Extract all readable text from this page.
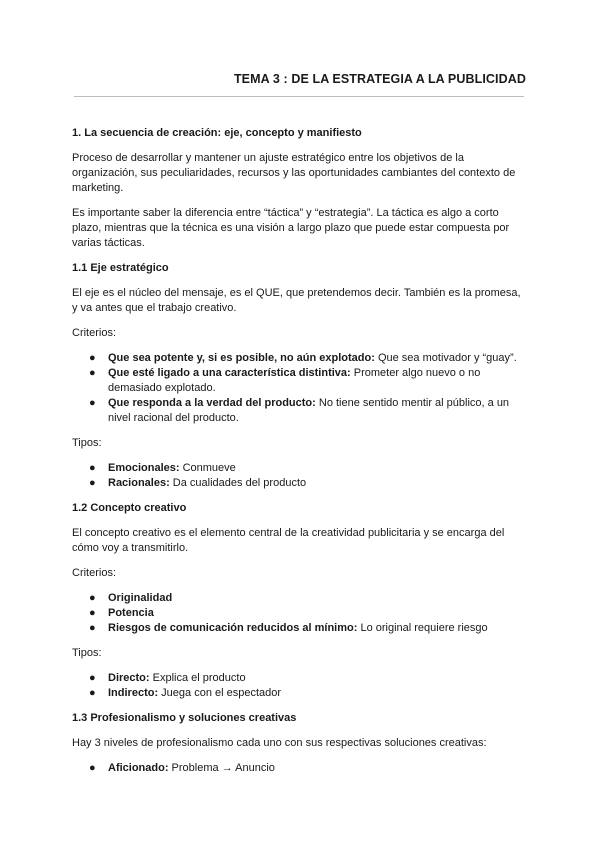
TEMA 3 : DE LA ESTRATEGIA A LA PUBLICIDAD
1. La secuencia de creación: eje, concepto y manifiesto

Proceso de desarrollar y mantener un ajuste estratégico entre los objetivos de la organización, sus peculiaridades, recursos y las oportunidades cambiantes del contexto de marketing.

Es importante saber la diferencia entre “táctica” y “estrategia”. La táctica es algo a corto plazo, mientras que la técnica es una visión a largo plazo que puede estar compuesta por varias tácticas.

1.1 Eje estratégico

El eje es el núcleo del mensaje, es el QUE, que pretendemos decir. También es la promesa, y va antes que el trabajo creativo.

Criterios:

● Que sea potente y, si es posible, no aún explotado: Que sea motivador y “guay”.
● Que esté ligado a una característica distintiva: Prometer algo nuevo o no demasiado explotado.
● Que responda a la verdad del producto: No tiene sentido mentir al público, a un nivel racional del producto.

Tipos:

● Emocionales: Conmueve
● Racionales: Da cualidades del producto
1.2 Concepto creativo

El concepto creativo es el elemento central de la creatividad publicitaria y se encarga del cómo voy a transmitirlo.

Criterios:

● Originalidad
● Potencia
● Riesgos de comunicación reducidos al mínimo: Lo original requiere riesgo

Tipos:

● Directo: Explica el producto
● Indirecto: Juega con el espectador
1.3 Profesionalismo y soluciones creativas

Hay 3 niveles de profesionalismo cada uno con sus respectivas soluciones creativas:

● Aficionado: Problema → Anuncio
